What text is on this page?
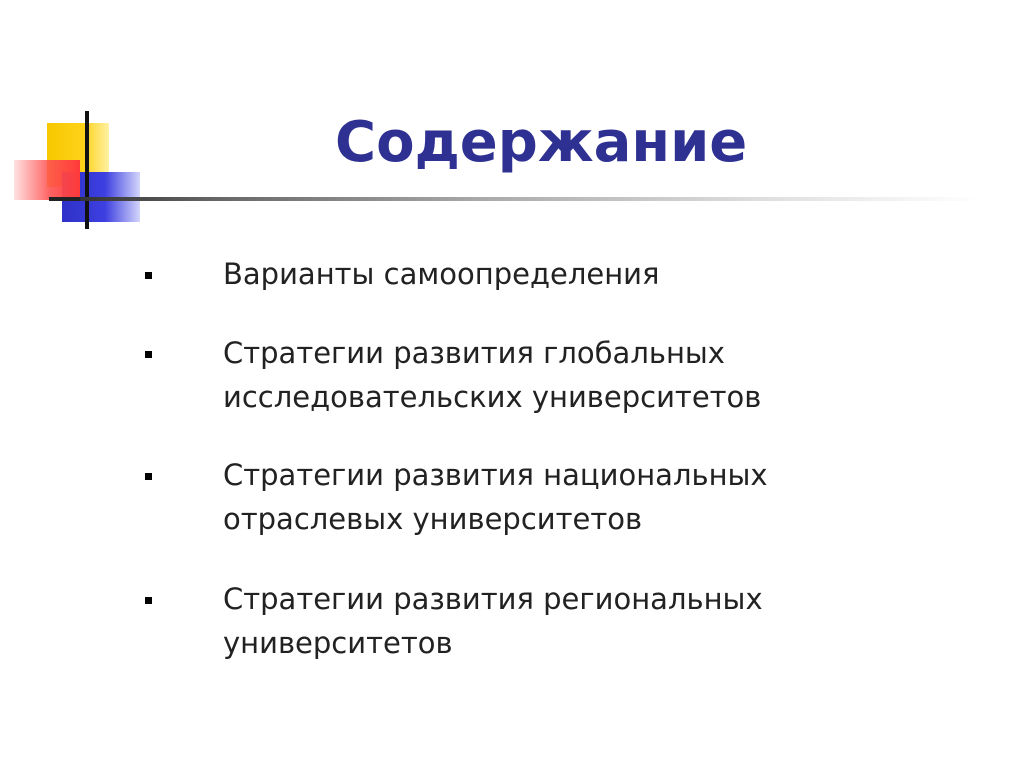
Содержание
Варианты самоопределения
Стратегии развития глобальных
исследовательских университетов
Стратегии развития национальных
отраслевых университетов
Стратегии развития региональных
университетов
